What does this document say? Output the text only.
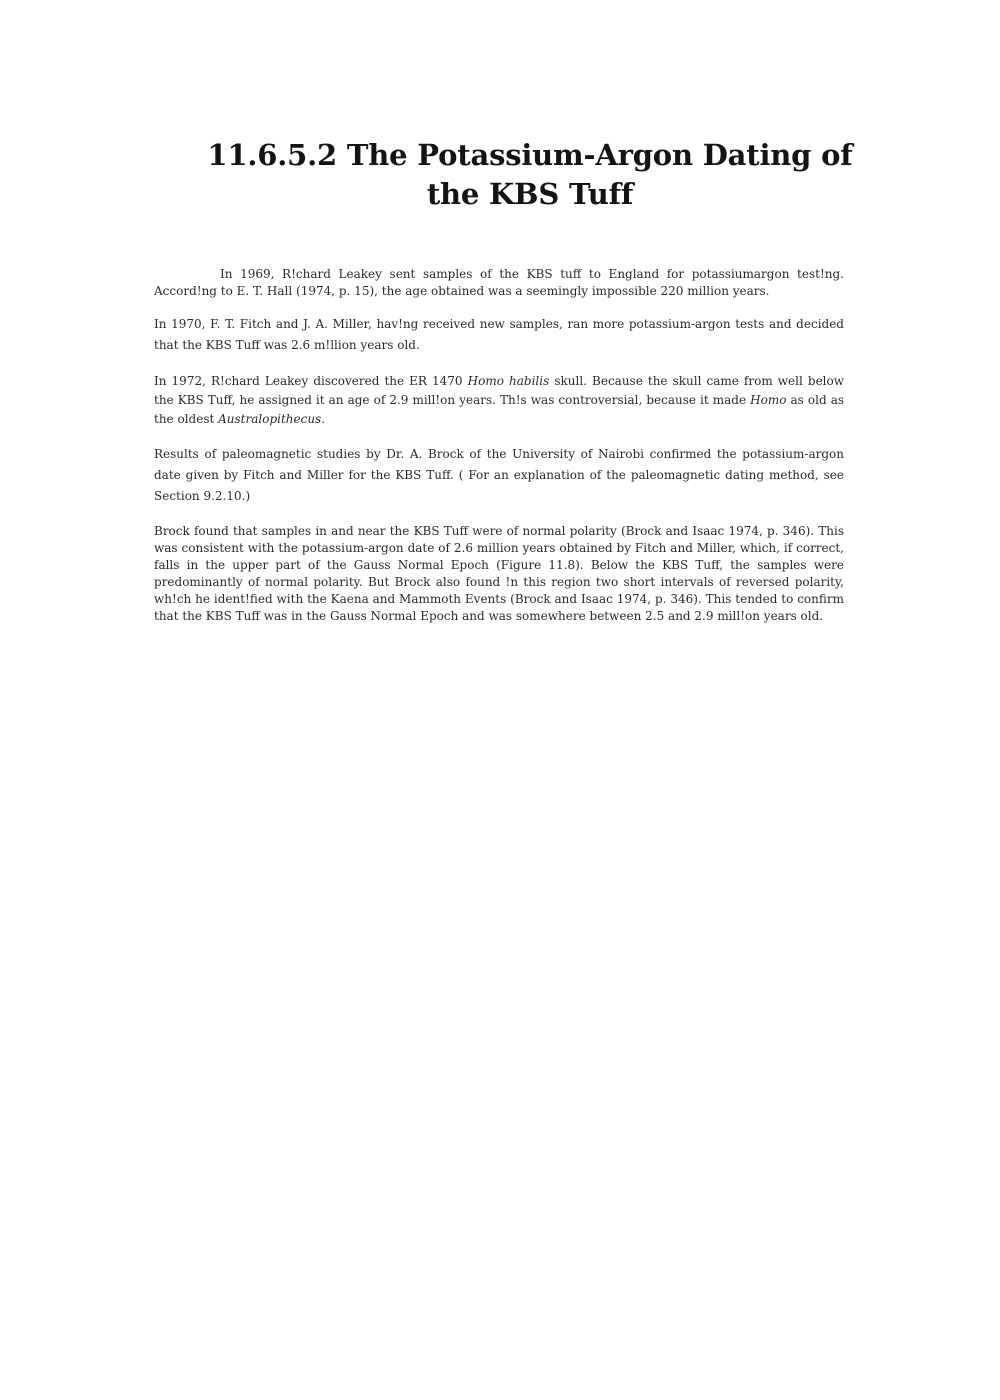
11.6.5.2 The Potassium-Argon Dating of the KBS Tuff

In 1969, R!chard Leakey sent samples of the KBS tuff to England for potassiumargon test!ng. Accord!ng to E. T. Hall (1974, p. 15), the age obtained was a seemingly impossible 220 million years.

In 1970, F. T. Fitch and J. A. Miller, hav!ng received new samples, ran more potassium-argon tests and decided that the KBS Tuff was 2.6 m!llion years old.

In 1972, R!chard Leakey discovered the ER 1470 Homo habilis skull. Because the skull came from well below the KBS Tuff, he assigned it an age of 2.9 mill!on years. Th!s was controversial, because it made Homo as old as the oldest Australopithecus.

Results of paleomagnetic studies by Dr. A. Brock of the University of Nairobi confirmed the potassium-argon date given by Fitch and Miller for the KBS Tuff. ( For an explanation of the paleomagnetic dating method, see Section 9.2.10.)

Brock found that samples in and near the KBS Tuff were of normal polarity (Brock and Isaac 1974, p. 346). This was consistent with the potassium-argon date of 2.6 million years obtained by Fitch and Miller, which, if correct, falls in the upper part of the Gauss Normal Epoch (Figure 11.8). Below the KBS Tuff, the samples were predominantly of normal polarity. But Brock also found !n this region two short intervals of reversed polarity, wh!ch he ident!fied with the Kaena and Mammoth Events (Brock and Isaac 1974, p. 346). This tended to confirm that the KBS Tuff was in the Gauss Normal Epoch and was somewhere between 2.5 and 2.9 mill!on years old.
